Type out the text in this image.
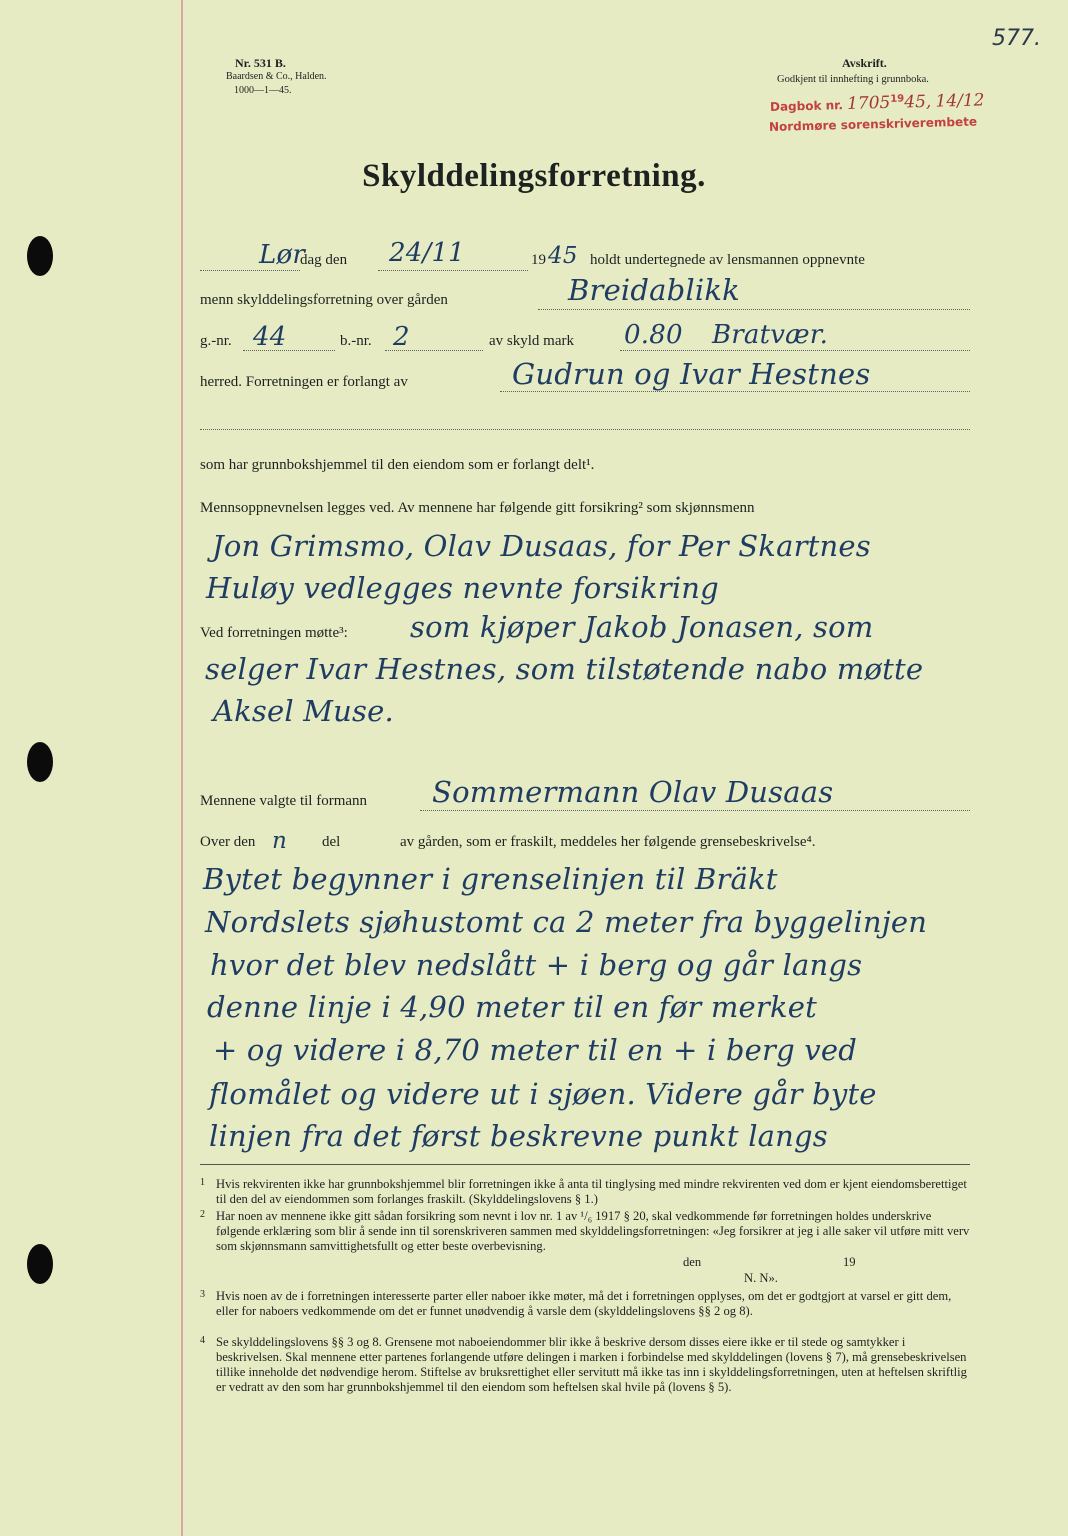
Nr. 531 B.
Baardsen & Co., Halden.
1000—1—45.
Avskrift.
Godkjent til innhefting i grunnboka.
577.
Dagbok nr. 1705$^{19}$45, 14/12
Nordmøre sorenskriverembete
Skylddelingsforretning.
Lør
dag den 24/11	19 45 holdt undertegnede av lensmannen oppnevnte
menn skylddelingsforretning over gården	Breidablikk
g.-nr. 44	b.-nr. 2	av skyld mark 0.80 Bratvær.
herred. Forretningen er forlangt av	Gudrun og Ivar Hestnes
som har grunnbokshjemmel til den eiendom som er forlangt delt¹.
Mennsoppnevnelsen legges ved. Av mennene har følgende gitt forsikring² som skjønnsmenn
Jon Grimsmo, Olav Dusaas, for Per Skartnes
Huløy vedlegges nevnte forsikring
Ved forretningen møtte³: som kjøper Jakob Jonasen, som
selger Ivar Hestnes, som tilstøtende nabo møtte
Aksel Muse.
Mennene valgte til formann Sommermann Olav Dusaas
Over den n del	av gården, som er fraskilt, meddeles her følgende grensebeskrivelse⁴.
Bytet begynner i grenselinjen til Bräkt
Nordslets sjøhustomt ca 2 meter fra byggelinjen
hvor det blev nedslått + i berg og går langs
denne linje i 4,90 meter til en før merket
+ og videre i 8,70 meter til en + i berg ved
flomålet og videre ut i sjøen. Videre går byte
linjen fra det først beskrevne punkt langs
1 Hvis rekvirenten ikke har grunnbokshjemmel blir forretningen ikke å anta til tinglysing med mindre rekvirenten ved dom er kjent eiendomsberettiget til den del av eiendommen som forlanges fraskilt. (Skylddelingslovens § 1.)
2 Har noen av mennene ikke gitt sådan forsikring som nevnt i lov nr. 1 av ¹/₆ 1917 § 20, skal vedkommende før forretningen holdes underskrive følgende erklæring som blir å sende inn til sorenskriveren sammen med skylddelingsforretningen: «Jeg forsikrer at jeg i alle saker vil utføre mitt verv som skjønnsmann samvittighetsfullt og etter beste overbevisning.
den	19
N. N».
3 Hvis noen av de i forretningen interesserte parter eller naboer ikke møter, må det i forretningen opplyses, om det er godtgjort at varsel er gitt dem, eller for naboers vedkommende om det er funnet unødvendig å varsle dem (skylddelingslovens §§ 2 og 8).
4 Se skylddelingslovens §§ 3 og 8. Grensene mot naboeiendommer blir ikke å beskrive dersom disses eiere ikke er til stede og samtykker i beskrivelsen. Skal mennene etter partenes forlangende utføre delingen i marken i forbindelse med skylddelingen (lovens § 7), må grensebeskrivelsen tillike inneholde det nødvendige herom. Stiftelse av bruksrettighet eller servitutt må ikke tas inn i skylddelingsforretningen, uten at heftelsen skriftlig er vedratt av den som har grunnbokshjemmel til den eiendom som heftelsen skal hvile på (lovens § 5).
